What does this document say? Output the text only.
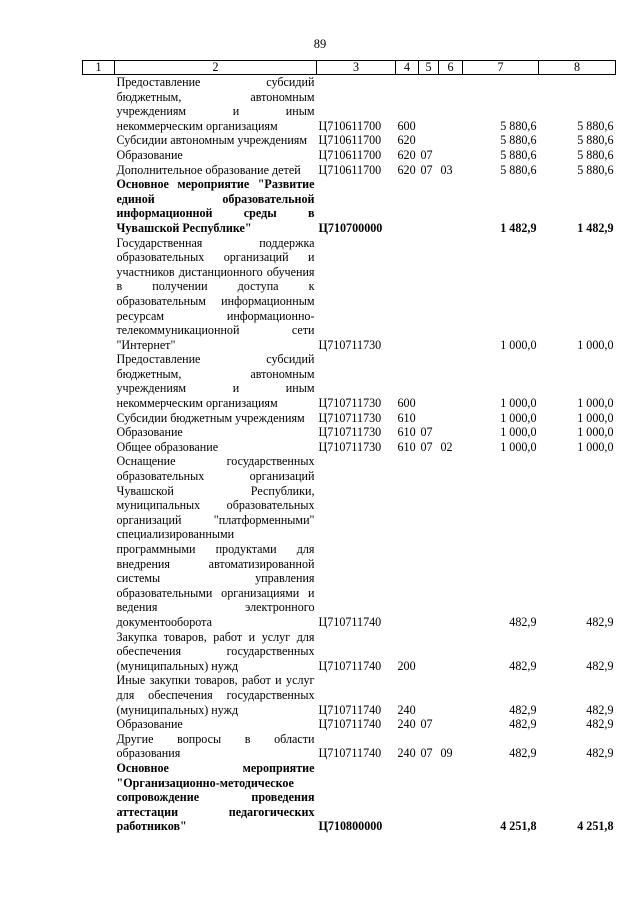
89
1	2	3	4	5	6	7	8
	Предоставление субсидий бюджетным, автономным учреждениям и иным некоммерческим организациям	Ц710611700	600			5 880,6	5 880,6
	Субсидии автономным учреждениям	Ц710611700	620			5 880,6	5 880,6
	Образование	Ц710611700	620	07		5 880,6	5 880,6
	Дополнительное образование детей	Ц710611700	620	07	03	5 880,6	5 880,6
	Основное мероприятие "Развитие единой образовательной информационной среды в Чувашской Республике"	Ц710700000				1 482,9	1 482,9
	Государственная поддержка образовательных организаций и участников дистанционного обучения в получении доступа к образовательным информационным ресурсам информационно-телекоммуникационной сети "Интернет"	Ц710711730				1 000,0	1 000,0
	Предоставление субсидий бюджетным, автономным учреждениям и иным некоммерческим организациям	Ц710711730	600			1 000,0	1 000,0
	Субсидии бюджетным учреждениям	Ц710711730	610			1 000,0	1 000,0
	Образование	Ц710711730	610	07		1 000,0	1 000,0
	Общее образование	Ц710711730	610	07	02	1 000,0	1 000,0
	Оснащение государственных образовательных организаций Чувашской Республики, муниципальных образовательных организаций "платформенными" специализированными программными продуктами для внедрения автоматизированной системы управления образовательными организациями и ведения электронного документооборота	Ц710711740				482,9	482,9
	Закупка товаров, работ и услуг для обеспечения государственных (муниципальных) нужд	Ц710711740	200			482,9	482,9
	Иные закупки товаров, работ и услуг для обеспечения государственных (муниципальных) нужд	Ц710711740	240			482,9	482,9
	Образование	Ц710711740	240	07		482,9	482,9
	Другие вопросы в области образования	Ц710711740	240	07	09	482,9	482,9
	Основное мероприятие "Организационно-методическое сопровождение проведения аттестации педагогических работников"	Ц710800000				4 251,8	4 251,8
